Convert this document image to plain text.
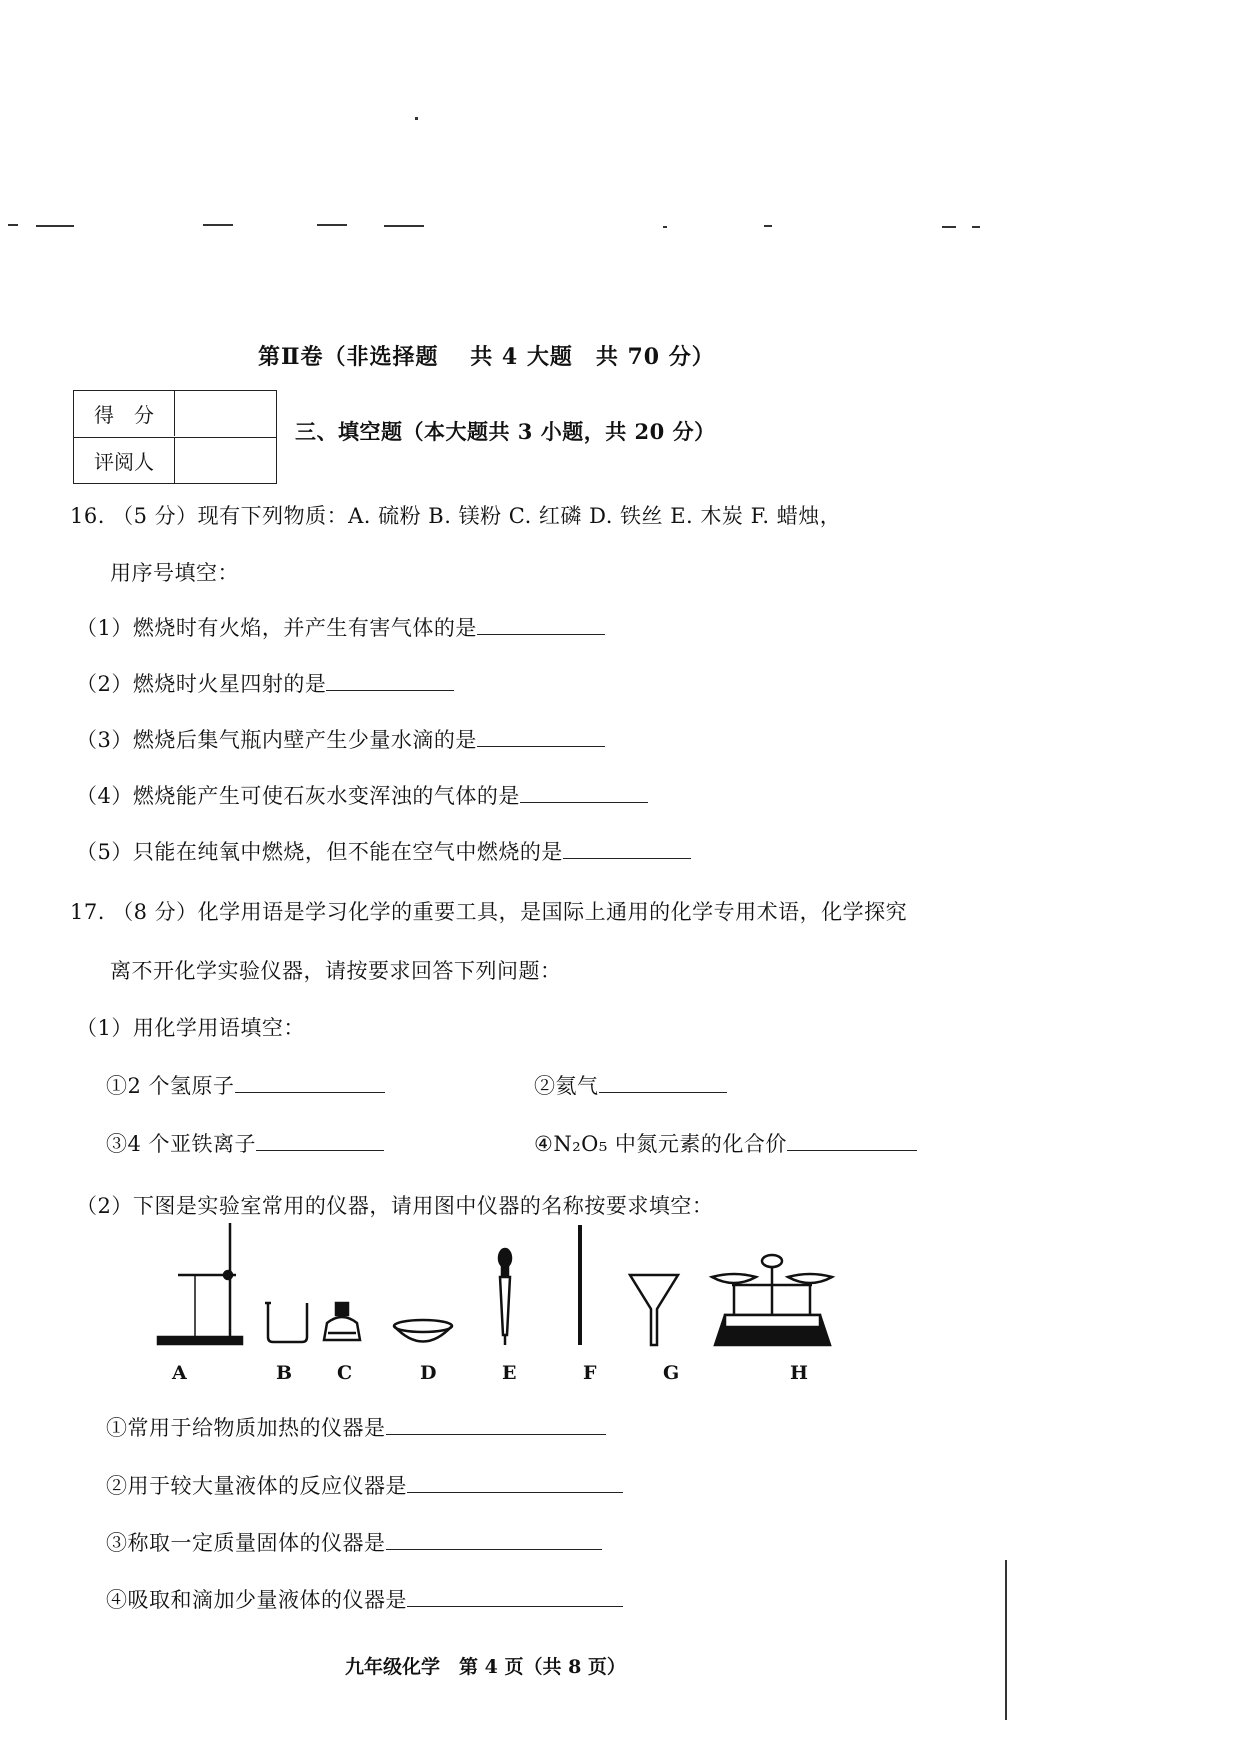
第Ⅱ卷（非选择题　 共 4 大题　共 70 分）
得　分
评阅人
三、填空题（本大题共 3 小题，共 20 分）
16. （5 分）现有下列物质：A. 硫粉 B. 镁粉 C. 红磷 D. 铁丝 E. 木炭 F. 蜡烛，
用序号填空：
（1）燃烧时有火焰，并产生有害气体的是
（2）燃烧时火星四射的是
（3）燃烧后集气瓶内壁产生少量水滴的是
（4）燃烧能产生可使石灰水变浑浊的气体的是
（5）只能在纯氧中燃烧，但不能在空气中燃烧的是
17. （8 分）化学用语是学习化学的重要工具，是国际上通用的化学专用术语，化学探究
离不开化学实验仪器，请按要求回答下列问题：
（1）用化学用语填空：
①2 个氢原子	②氦气
③4 个亚铁离子	④N₂O₅ 中氮元素的化合价
（2）下图是实验室常用的仪器，请用图中仪器的名称按要求填空：
A	B C	D	E	F	G	H
①常用于给物质加热的仪器是
②用于较大量液体的反应仪器是
③称取一定质量固体的仪器是
④吸取和滴加少量液体的仪器是
九年级化学　第 4 页（共 8 页）
